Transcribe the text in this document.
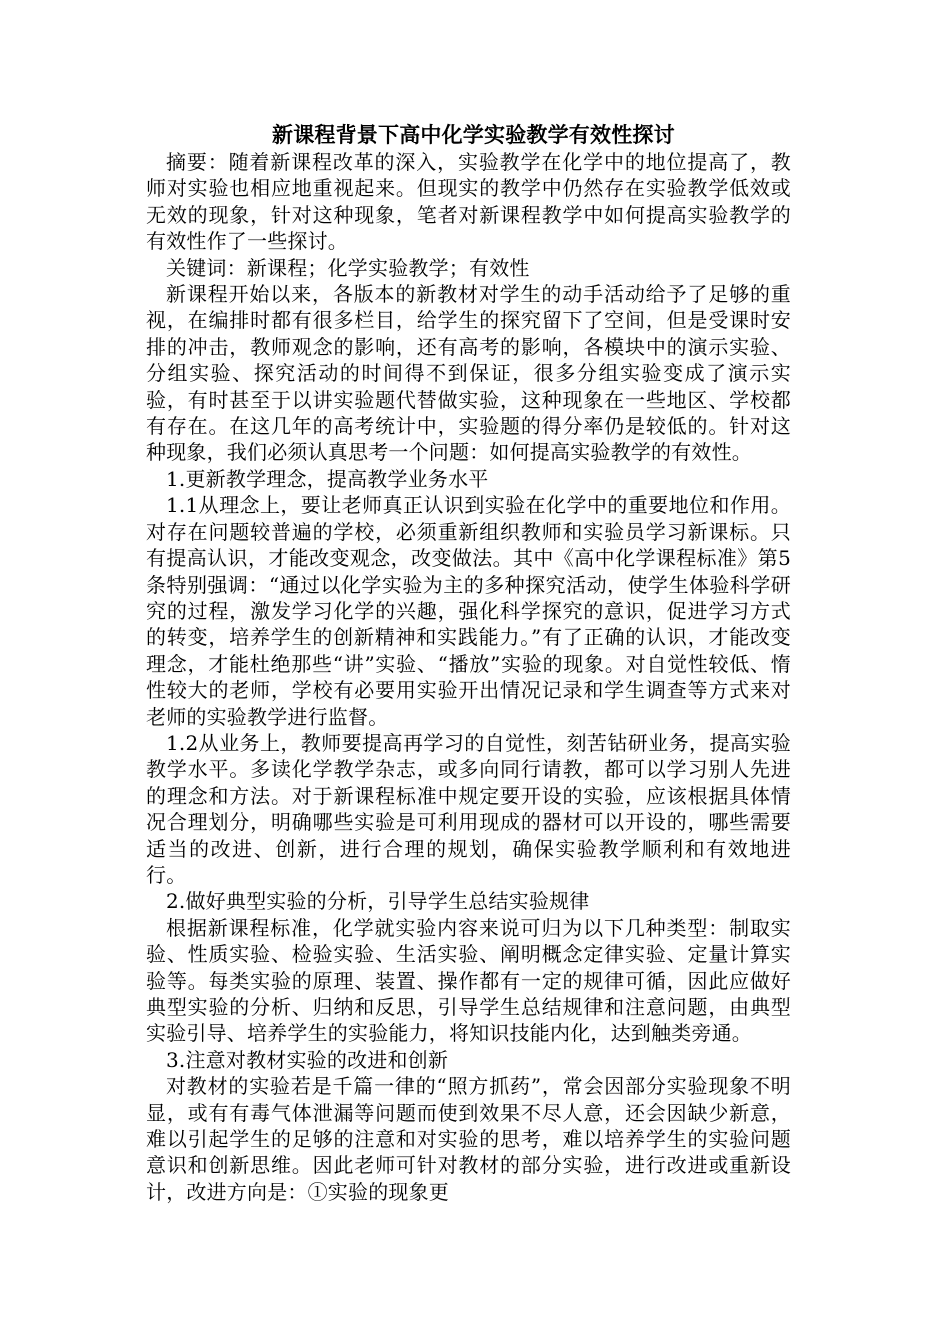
新课程背景下高中化学实验教学有效性探讨

摘要：随着新课程改革的深入，实验教学在化学中的地位提高了，教师对实验也相应地重视起来。但现实的教学中仍然存在实验教学低效或无效的现象，针对这种现象，笔者对新课程教学中如何提高实验教学的有效性作了一些探讨。

关键词：新课程；化学实验教学；有效性

新课程开始以来，各版本的新教材对学生的动手活动给予了足够的重视，在编排时都有很多栏目，给学生的探究留下了空间，但是受课时安排的冲击，教师观念的影响，还有高考的影响，各模块中的演示实验、分组实验、探究活动的时间得不到保证，很多分组实验变成了演示实验，有时甚至于以讲实验题代替做实验，这种现象在一些地区、学校都有存在。在这几年的高考统计中，实验题的得分率仍是较低的。针对这种现象，我们必须认真思考一个问题：如何提高实验教学的有效性。

1.更新教学理念，提高教学业务水平

1.1从理念上，要让老师真正认识到实验在化学中的重要地位和作用。对存在问题较普遍的学校，必须重新组织教师和实验员学习新课标。只有提高认识，才能改变观念，改变做法。其中《高中化学课程标准》第5条特别强调：“通过以化学实验为主的多种探究活动，使学生体验科学研究的过程，激发学习化学的兴趣，强化科学探究的意识，促进学习方式的转变，培养学生的创新精神和实践能力。”有了正确的认识，才能改变理念，才能杜绝那些“讲”实验、“播放”实验的现象。对自觉性较低、惰性较大的老师，学校有必要用实验开出情况记录和学生调查等方式来对老师的实验教学进行监督。

1.2从业务上，教师要提高再学习的自觉性，刻苦钻研业务，提高实验教学水平。多读化学教学杂志，或多向同行请教，都可以学习别人先进的理念和方法。对于新课程标准中规定要开设的实验，应该根据具体情况合理划分，明确哪些实验是可利用现成的器材可以开设的，哪些需要适当的改进、创新，进行合理的规划，确保实验教学顺利和有效地进行。

2.做好典型实验的分析，引导学生总结实验规律

根据新课程标准，化学就实验内容来说可归为以下几种类型：制取实验、性质实验、检验实验、生活实验、阐明概念定律实验、定量计算实验等。每类实验的原理、装置、操作都有一定的规律可循，因此应做好典型实验的分析、归纳和反思，引导学生总结规律和注意问题，由典型实验引导、培养学生的实验能力，将知识技能内化，达到触类旁通。

3.注意对教材实验的改进和创新

对教材的实验若是千篇一律的“照方抓药”，常会因部分实验现象不明显，或有有毒气体泄漏等问题而使到效果不尽人意，还会因缺少新意，难以引起学生的足够的注意和对实验的思考，难以培养学生的实验问题意识和创新思维。因此老师可针对教材的部分实验，进行改进或重新设计，改进方向是：①实验的现象更
